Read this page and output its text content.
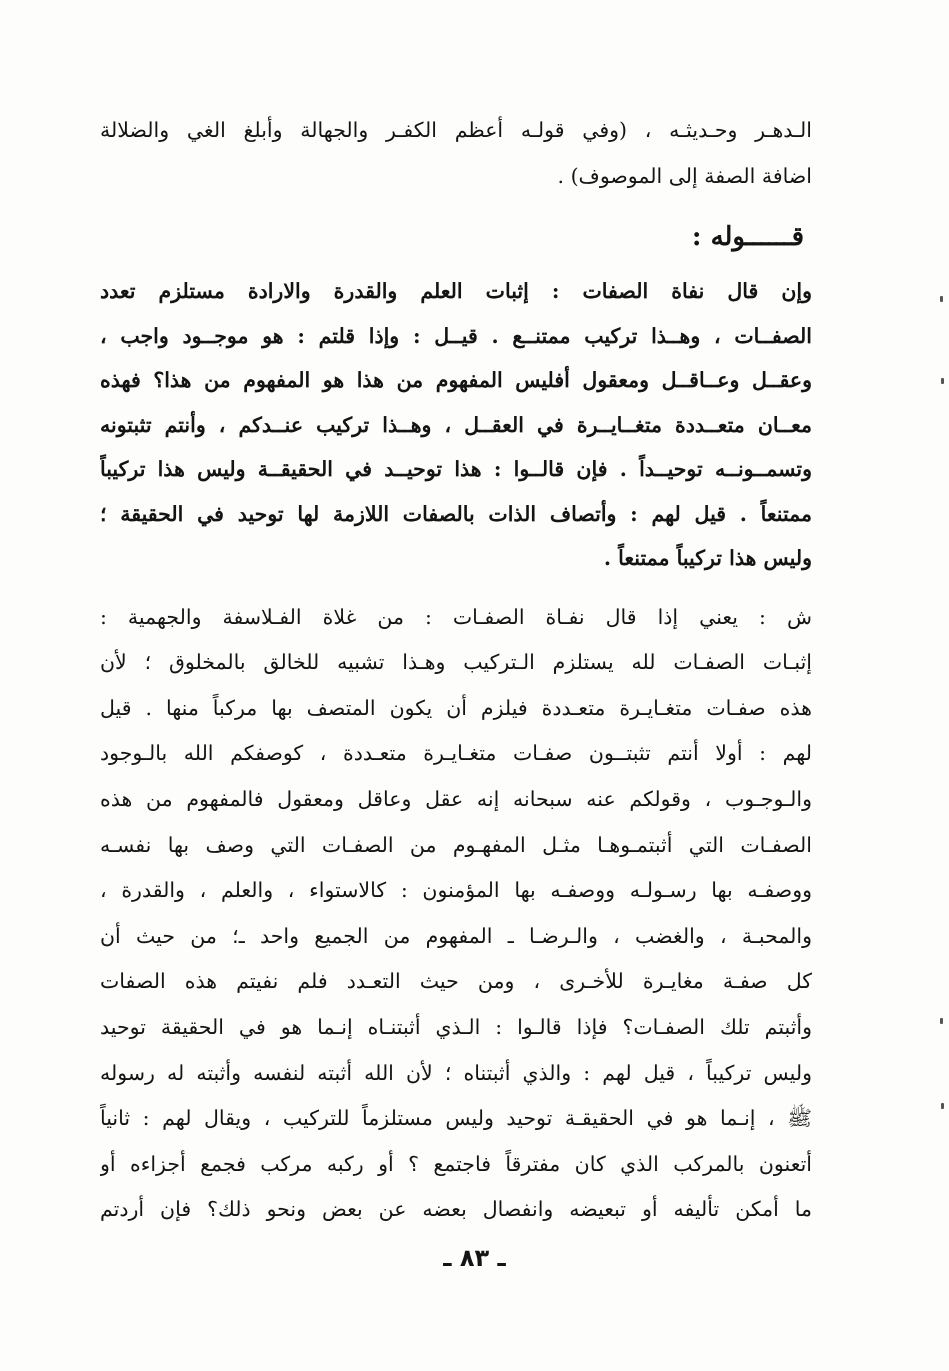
الـدهـر وحـديثـه ، (وفي قولـه أعظم الكفـر والجهالة وأبلغ الغي والضلالة
اضافة الصفة إلى الموصوف) .
قــــــوله :
وإن قال نفاة الصفات : إثبات العلم والقدرة والارادة مستلزم تعدد
الصفــات ، وهــذا تركيب ممتنــع . قيــل : وإذا قلتم : هو موجــود واجب ،
وعقــل وعــاقــل ومعقول أفليس المفهوم من هذا هو المفهوم من هذا؟ فهذه
معــان متعــددة متغــايــرة في العقــل ، وهــذا تركيب عنــدكم ، وأنتم تثبتونه
وتسمــونــه توحيــداً . فإن قالــوا : هذا توحيــد في الحقيقــة وليس هذا تركيباً
ممتنعاً . قيل لهم : وأتصاف الذات بالصفات اللازمة لها توحيد في الحقيقة ؛
وليس هذا تركيباً ممتنعاً .
ش : يعني إذا قال نفـاة الصفـات : من غلاة الفـلاسفة والجهمية :
إثبـات الصفـات لله يستلزم الـتركيب وهـذا تشبيه للخالق بالمخلوق ؛ لأن
هذه صفـات متغـايـرة متعـددة فيلزم أن يكون المتصف بها مركباً منها . قيل
لهم : أولا أنتم تثبتــون صفـات متغـايـرة متعـددة ، كوصفكم الله بالـوجود
والـوجـوب ، وقولكم عنه سبحانه إنه عقل وعاقل ومعقول فالمفهوم من هذه
الصفـات التي أثبتمـوهـا مثـل المفهـوم من الصفـات التي وصف بها نفسـه
ووصفـه بها رسـولـه ووصفـه بها المؤمنون : كالاستواء ، والعلم ، والقدرة ،
والمحبـة ، والغضب ، والـرضـا ـ المفهوم من الجميع واحد ـ؛ من حيث أن
كل صفـة مغايـرة للأخـرى ، ومن حيث التعـدد فلم نفيتم هذه الصفات
وأثبتم تلك الصفـات؟ فإذا قالـوا : الـذي أثبتنـاه إنـما هو في الحقيقة توحيد
وليس تركيباً ، قيل لهم : والذي أثبتناه ؛ لأن الله أثبته لنفسه وأثبته له رسوله
ﷺ ، إنـما هو في الحقيقـة توحيد وليس مستلزماً للتركيب ، ويقال لهم : ثانياً
أتعنون بالمركب الذي كان مفترقاً فاجتمع ؟ أو ركبه مركب فجمع أجزاءه أو
ما أمكن تأليفه أو تبعيضه وانفصال بعضه عن بعض ونحو ذلك؟ فإن أردتم
ـ ٨٣ ـ
